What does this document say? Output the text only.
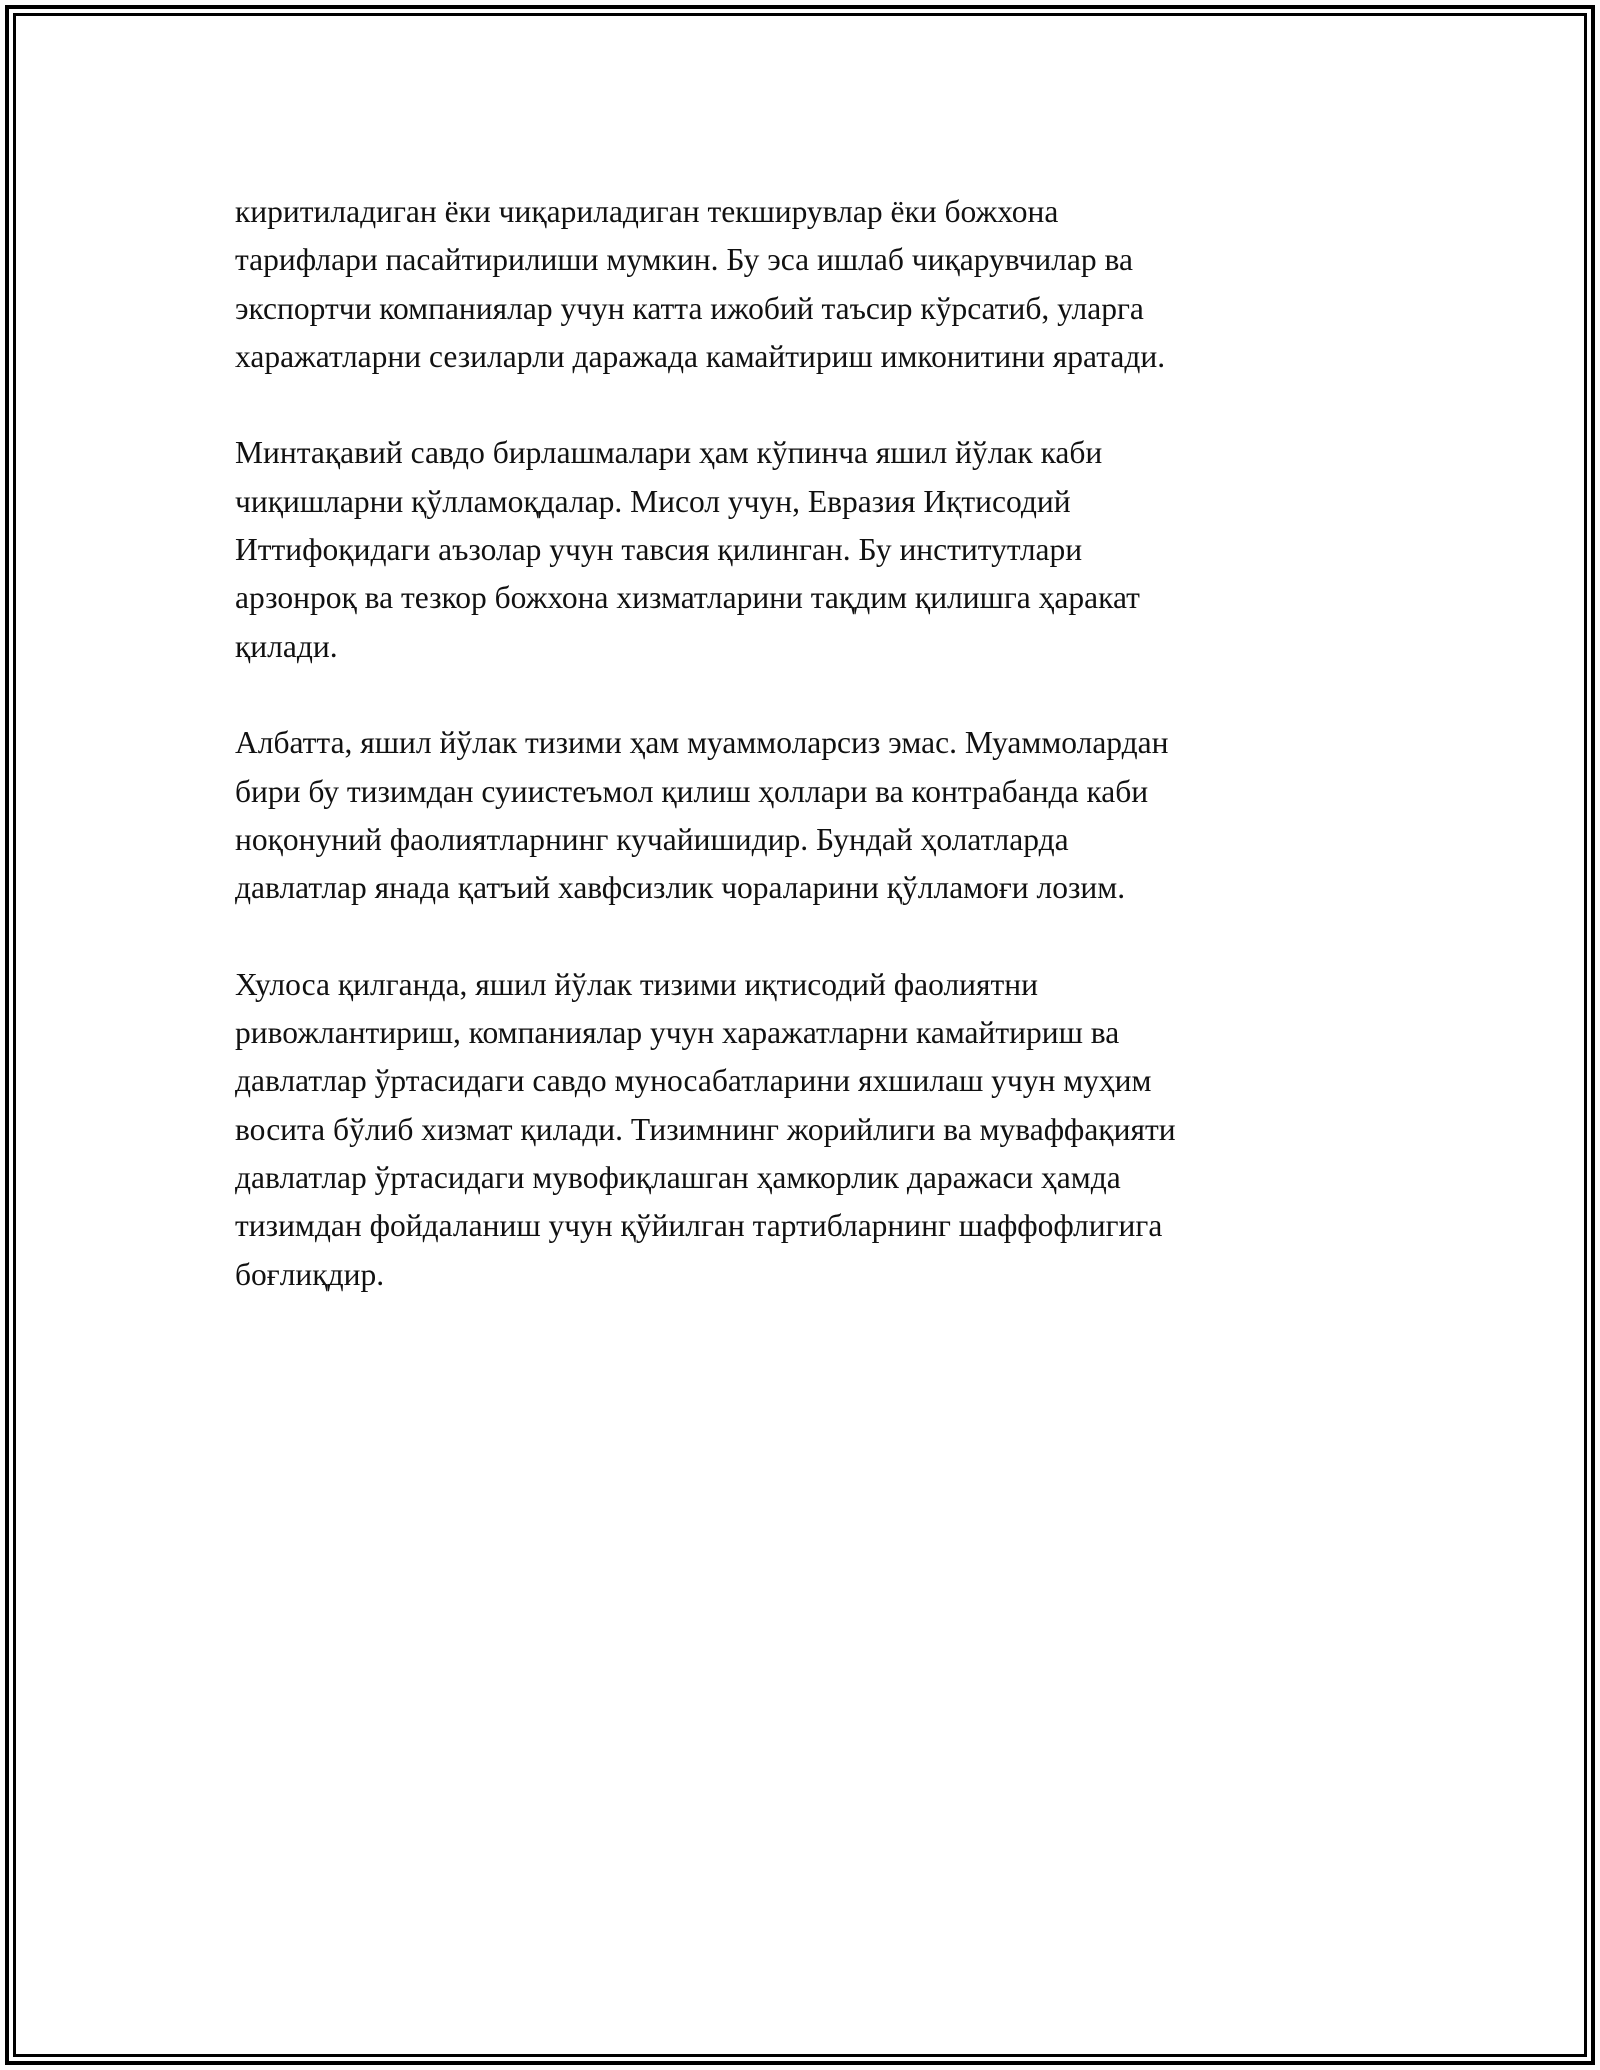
киритиладиган ёки чиқариладиган текширувлар ёки божхона
тарифлари пасайтирилиши мумкин. Бу эса ишлаб чиқарувчилар ва
экспортчи компаниялар учун катта ижобий таъсир кўрсатиб, уларга
харажатларни сезиларли даражада камайтириш имконитини яратади.

Минтақавий савдо бирлашмалари ҳам кўпинча яшил йўлак каби
чиқишларни қўлламоқдалар. Мисол учун, Евразия Иқтисодий
Иттифоқидаги аъзолар учун тавсия қилинган. Бу институтлари
арзонроқ ва тезкор божхона хизматларини тақдим қилишга ҳаракат
қилади.

Албатта, яшил йўлак тизими ҳам муаммоларсиз эмас. Муаммолардан
бири бу тизимдан суиистеъмол қилиш ҳоллари ва контрабанда каби
ноқонуний фаолиятларнинг кучайишидир. Бундай ҳолатларда
давлатлар янада қатъий хавфсизлик чораларини қўлламоғи лозим.

Хулоса қилганда, яшил йўлак тизими иқтисодий фаолиятни
ривожлантириш, компаниялар учун харажатларни камайтириш ва
давлатлар ўртасидаги савдо муносабатларини яхшилаш учун муҳим
восита бўлиб хизмат қилади. Тизимнинг жорийлиги ва муваффақияти
давлатлар ўртасидаги мувофиқлашган ҳамкорлик даражаси ҳамда
тизимдан фойдаланиш учун қўйилган тартибларнинг шаффофлигига
боғлиқдир.
